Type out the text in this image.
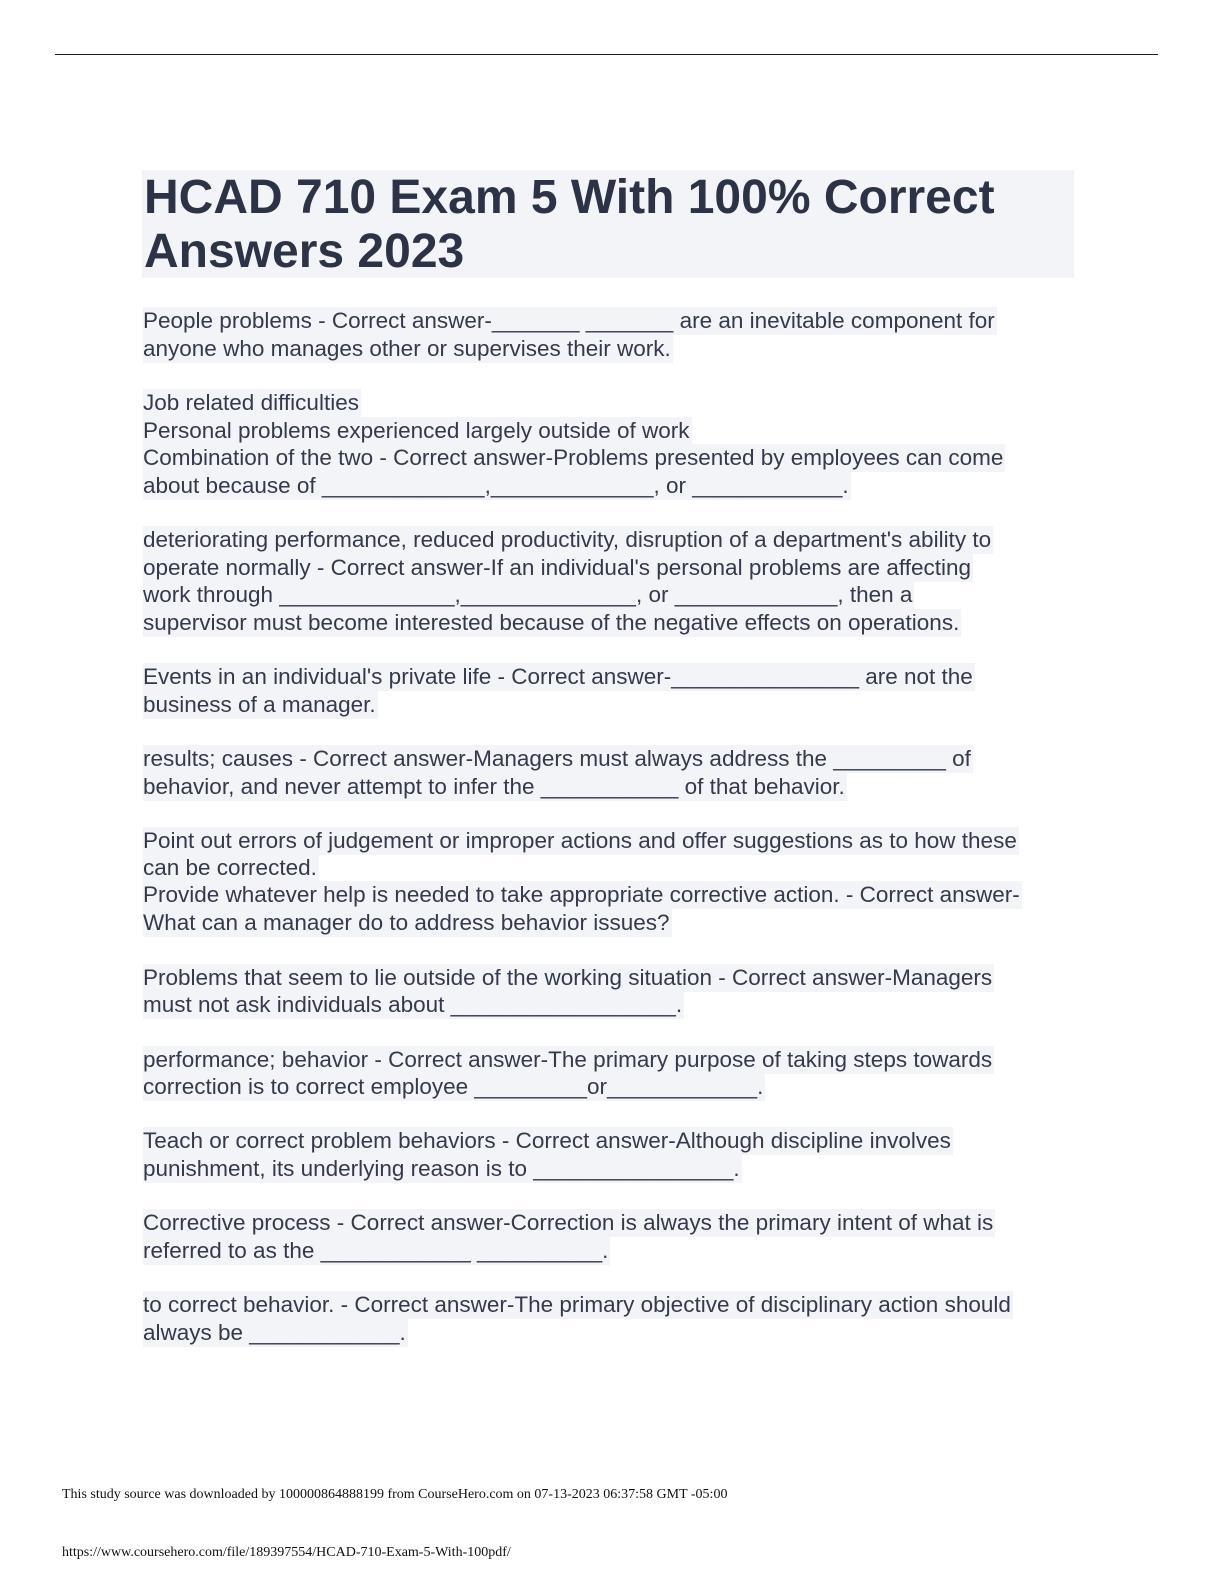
HCAD 710 Exam 5 With 100% Correct
Answers 2023
People problems - Correct answer-_______ _______ are an inevitable component for
anyone who manages other or supervises their work.
Job related difficulties
Personal problems experienced largely outside of work
Combination of the two - Correct answer-Problems presented by employees can come
about because of _____________,_____________, or ____________.
deteriorating performance, reduced productivity, disruption of a department's ability to
operate normally - Correct answer-If an individual's personal problems are affecting
work through ______________,______________, or _____________, then a
supervisor must become interested because of the negative effects on operations.
Events in an individual's private life - Correct answer-_______________ are not the
business of a manager.
results; causes - Correct answer-Managers must always address the _________ of
behavior, and never attempt to infer the ___________ of that behavior.
Point out errors of judgement or improper actions and offer suggestions as to how these
can be corrected.
Provide whatever help is needed to take appropriate corrective action. - Correct answer-
What can a manager do to address behavior issues?
Problems that seem to lie outside of the working situation - Correct answer-Managers
must not ask individuals about __________________.
performance; behavior - Correct answer-The primary purpose of taking steps towards
correction is to correct employee _________or____________.
Teach or correct problem behaviors - Correct answer-Although discipline involves
punishment, its underlying reason is to ________________.
Corrective process - Correct answer-Correction is always the primary intent of what is
referred to as the ____________ __________.
to correct behavior. - Correct answer-The primary objective of disciplinary action should
always be ____________.
This study source was downloaded by 100000864888199 from CourseHero.com on 07-13-2023 06:37:58 GMT -05:00
https://www.coursehero.com/file/189397554/HCAD-710-Exam-5-With-100pdf/
